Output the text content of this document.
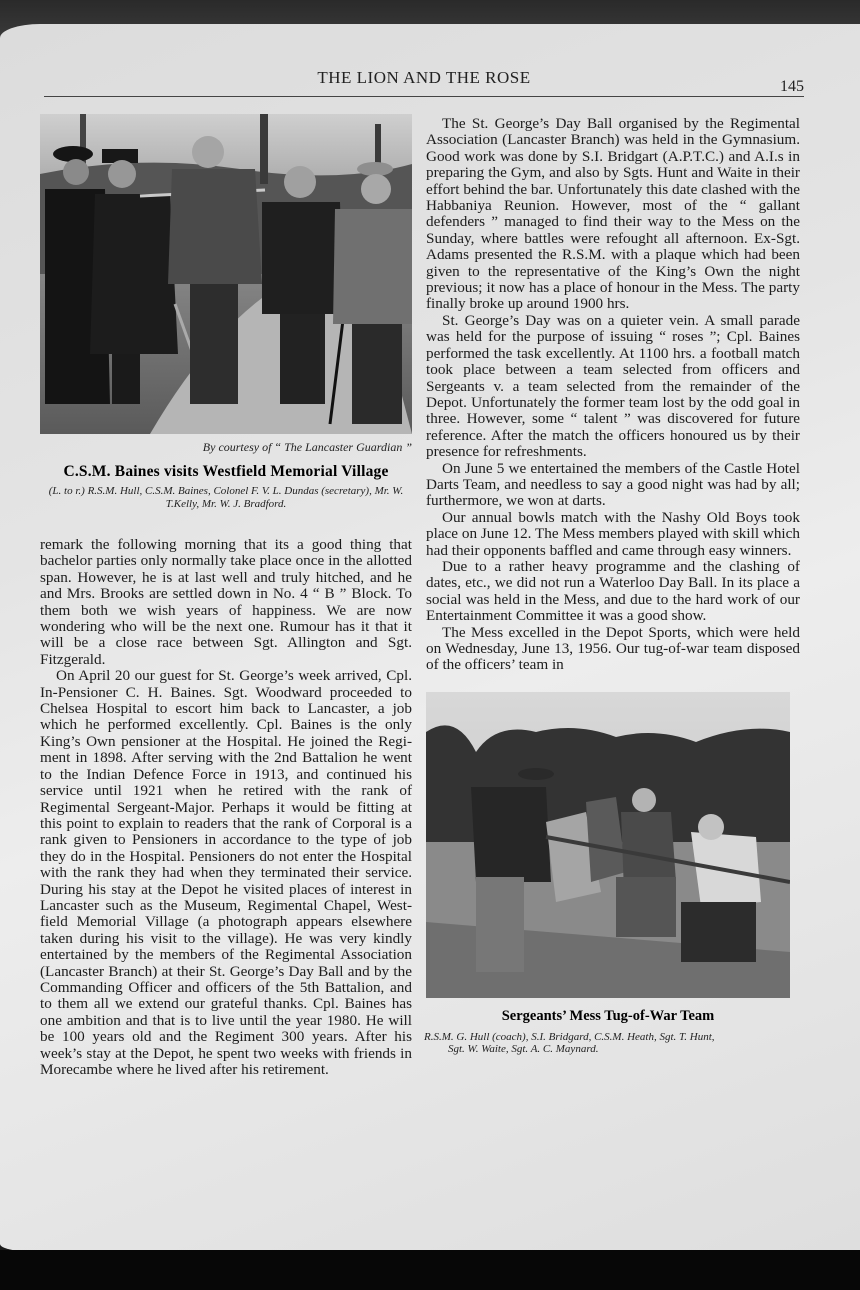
THE LION AND THE ROSE	145
By courtesy of “ The Lancaster Guardian ”
C.S.M. Baines visits Westfield Memorial Village
(L. to r.) R.S.M. Hull, C.S.M. Baines, Colonel F. V. L. Dundas (secretary), Mr. W. T.Kelly, Mr. W. J. Bradford.

remark the following morning that its a good thing that bachelor parties only normally take place once in the allotted span. However, he is at last well and truly hitched, and he and Mrs. Brooks are settled down in No. 4 “ B ” Block. To them both we wish years of happiness. We are now wondering who will be the next one. Rumour has it that it will be a close race between Sgt. Allington and Sgt. Fitzgerald.

On April 20 our guest for St. George’s week arrived, Cpl. In-Pensioner C. H. Baines. Sgt. Woodward proceeded to Chelsea Hospital to escort him back to Lancaster, a job which he performed excellently. Cpl. Baines is the only King’s Own pensioner at the Hospital. He joined the Regiment in 1898. After serving with the 2nd Battalion he went to the Indian Defence Force in 1913, and continued his service until 1921 when he retired with the rank of Regimental Sergeant-Major. Perhaps it would be fitting at this point to explain to readers that the rank of Corporal is a rank given to Pensioners in accordance to the type of job they do in the Hospital. Pensioners do not enter the Hospital with the rank they had when they terminated their service. During his stay at the Depot he visited places of interest in Lancaster such as the Museum, Regimental Chapel, Westfield Memorial Village (a photograph appears elsewhere taken during his visit to the village). He was very kindly entertained by the members of the Regimental Association (Lancaster Branch) at their St. George’s Day Ball and by the Commanding Officer and officers of the 5th Battalion, and to them all we extend our grateful thanks. Cpl. Baines has one ambition and that is to live until the year 1980. He will be 100 years old and the Regiment 300 years. After his week’s stay at the Depot, he spent two weeks with friends in Morecambe where he lived after his retirement.

The St. George’s Day Ball organised by the Regimental Association (Lancaster Branch) was held in the Gymnasium. Good work was done by S.I. Bridgart (A.P.T.C.) and A.I.s in preparing the Gym, and also by Sgts. Hunt and Waite in their effort behind the bar. Unfortunately this date clashed with the Habbaniya Reunion. However, most of the “ gallant defenders ” managed to find their way to the Mess on the Sunday, where battles were refought all afternoon. Ex-Sgt. Adams presented the R.S.M. with a plaque which had been given to the representative of the King’s Own the night previous; it now has a place of honour in the Mess. The party finally broke up around 1900 hrs.

St. George’s Day was on a quieter vein. A small parade was held for the purpose of issuing “ roses ”; Cpl. Baines performed the task excellently. At 1100 hrs. a football match took place between a team selected from officers and Sergeants v. a team selected from the remainder of the Depot. Unfortunately the former team lost by the odd goal in three. However, some “ talent ” was discovered for future reference. After the match the officers honoured us by their presence for refreshments.

On June 5 we entertained the members of the Castle Hotel Darts Team, and needless to say a good night was had by all; furthermore, we won at darts.

Our annual bowls match with the Nashy Old Boys took place on June 12. The Mess members played with skill which had their opponents baffled and came through easy winners.

Due to a rather heavy programme and the clashing of dates, etc., we did not run a Waterloo Day Ball. In its place a social was held in the Mess, and due to the hard work of our Entertainment Committee it was a good show.

The Mess excelled in the Depot Sports, which were held on Wednesday, June 13, 1956. Our tug-of-war team disposed of the officers’ team in

Sergeants’ Mess Tug-of-War Team
R.S.M. G. Hull (coach), S.I. Bridgard, C.S.M. Heath, Sgt. T. Hunt,
Sgt. W. Waite, Sgt. A. C. Maynard.
